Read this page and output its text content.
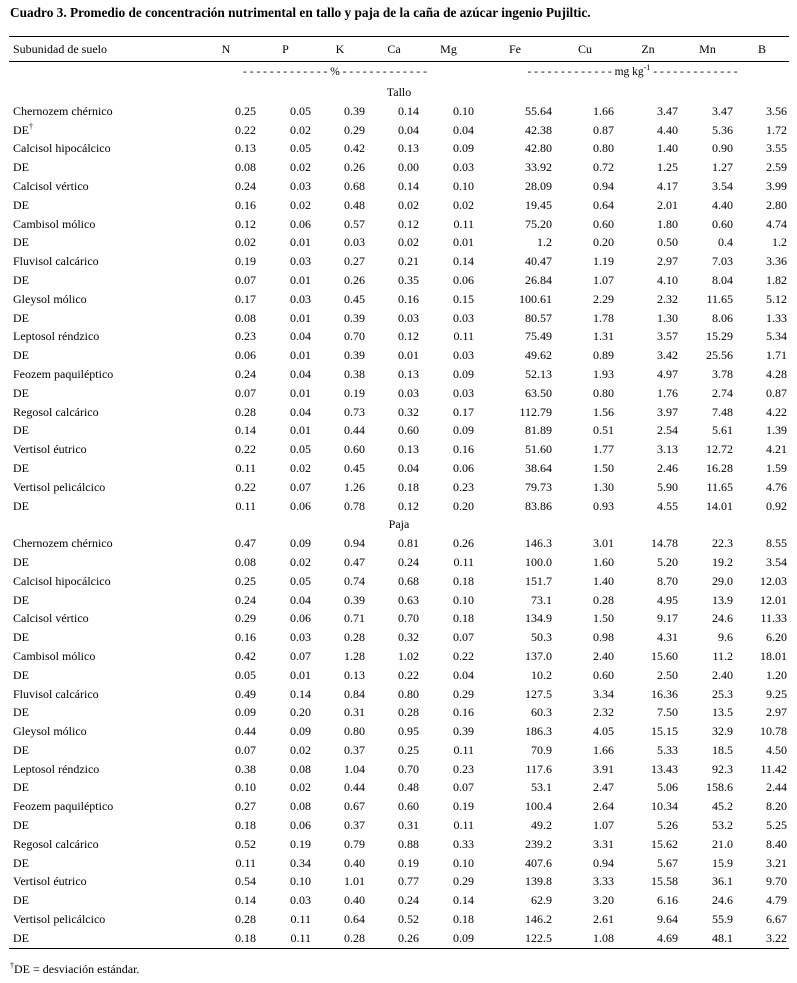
Cuadro 3. Promedio de concentración nutrimental en tallo y paja de la caña de azúcar ingenio Pujiltic.
Subunidad de suelo	N	P	K	Ca	Mg	Fe	Cu	Zn	Mn	B
	- - - - - - - - - - - - - % - - - - - - - - - - - - -					- - - - - - - - - - - - - mg $kg^{-1}$ - - - - - - - - - - - - -				
Tallo										
Chernozem chérnico	0.25	0.05	0.39	0.14	0.10	55.64	1.66	3.47	3.47	3.56
DE†	0.22	0.02	0.29	0.04	0.04	42.38	0.87	4.40	5.36	1.72
Calcisol hipocálcico	0.13	0.05	0.42	0.13	0.09	42.80	0.80	1.40	0.90	3.55
DE	0.08	0.02	0.26	0.00	0.03	33.92	0.72	1.25	1.27	2.59
Calcisol vértico	0.24	0.03	0.68	0.14	0.10	28.09	0.94	4.17	3.54	3.99
DE	0.16	0.02	0.48	0.02	0.02	19.45	0.64	2.01	4.40	2.80
Cambisol mólico	0.12	0.06	0.57	0.12	0.11	75.20	0.60	1.80	0.60	4.74
DE	0.02	0.01	0.03	0.02	0.01	1.2	0.20	0.50	0.4	1.2
Fluvisol calcárico	0.19	0.03	0.27	0.21	0.14	40.47	1.19	2.97	7.03	3.36
DE	0.07	0.01	0.26	0.35	0.06	26.84	1.07	4.10	8.04	1.82
Gleysol mólico	0.17	0.03	0.45	0.16	0.15	100.61	2.29	2.32	11.65	5.12
DE	0.08	0.01	0.39	0.03	0.03	80.57	1.78	1.30	8.06	1.33
Leptosol réndzico	0.23	0.04	0.70	0.12	0.11	75.49	1.31	3.57	15.29	5.34
DE	0.06	0.01	0.39	0.01	0.03	49.62	0.89	3.42	25.56	1.71
Feozem paquiléptico	0.24	0.04	0.38	0.13	0.09	52.13	1.93	4.97	3.78	4.28
DE	0.07	0.01	0.19	0.03	0.03	63.50	0.80	1.76	2.74	0.87
Regosol calcárico	0.28	0.04	0.73	0.32	0.17	112.79	1.56	3.97	7.48	4.22
DE	0.14	0.01	0.44	0.60	0.09	81.89	0.51	2.54	5.61	1.39
Vertisol éutrico	0.22	0.05	0.60	0.13	0.16	51.60	1.77	3.13	12.72	4.21
DE	0.11	0.02	0.45	0.04	0.06	38.64	1.50	2.46	16.28	1.59
Vertisol pelicálcico	0.22	0.07	1.26	0.18	0.23	79.73	1.30	5.90	11.65	4.76
DE	0.11	0.06	0.78	0.12	0.20	83.86	0.93	4.55	14.01	0.92
Paja										
Chernozem chérnico	0.47	0.09	0.94	0.81	0.26	146.3	3.01	14.78	22.3	8.55
DE	0.08	0.02	0.47	0.24	0.11	100.0	1.60	5.20	19.2	3.54
Calcisol hipocálcico	0.25	0.05	0.74	0.68	0.18	151.7	1.40	8.70	29.0	12.03
DE	0.24	0.04	0.39	0.63	0.10	73.1	0.28	4.95	13.9	12.01
Calcisol vértico	0.29	0.06	0.71	0.70	0.18	134.9	1.50	9.17	24.6	11.33
DE	0.16	0.03	0.28	0.32	0.07	50.3	0.98	4.31	9.6	6.20
Cambisol mólico	0.42	0.07	1.28	1.02	0.22	137.0	2.40	15.60	11.2	18.01
DE	0.05	0.01	0.13	0.22	0.04	10.2	0.60	2.50	2.40	1.20
Fluvisol calcárico	0.49	0.14	0.84	0.80	0.29	127.5	3.34	16.36	25.3	9.25
DE	0.09	0.20	0.31	0.28	0.16	60.3	2.32	7.50	13.5	2.97
Gleysol mólico	0.44	0.09	0.80	0.95	0.39	186.3	4.05	15.15	32.9	10.78
DE	0.07	0.02	0.37	0.25	0.11	70.9	1.66	5.33	18.5	4.50
Leptosol réndzico	0.38	0.08	1.04	0.70	0.23	117.6	3.91	13.43	92.3	11.42
DE	0.10	0.02	0.44	0.48	0.07	53.1	2.47	5.06	158.6	2.44
Feozem paquiléptico	0.27	0.08	0.67	0.60	0.19	100.4	2.64	10.34	45.2	8.20
DE	0.18	0.06	0.37	0.31	0.11	49.2	1.07	5.26	53.2	5.25
Regosol calcárico	0.52	0.19	0.79	0.88	0.33	239.2	3.31	15.62	21.0	8.40
DE	0.11	0.34	0.40	0.19	0.10	407.6	0.94	5.67	15.9	3.21
Vertisol éutrico	0.54	0.10	1.01	0.77	0.29	139.8	3.33	15.58	36.1	9.70
DE	0.14	0.03	0.40	0.24	0.14	62.9	3.20	6.16	24.6	4.79
Vertisol pelicálcico	0.28	0.11	0.64	0.52	0.18	146.2	2.61	9.64	55.9	6.67
DE	0.18	0.11	0.28	0.26	0.09	122.5	1.08	4.69	48.1	3.22
†DE = desviación estándar.
